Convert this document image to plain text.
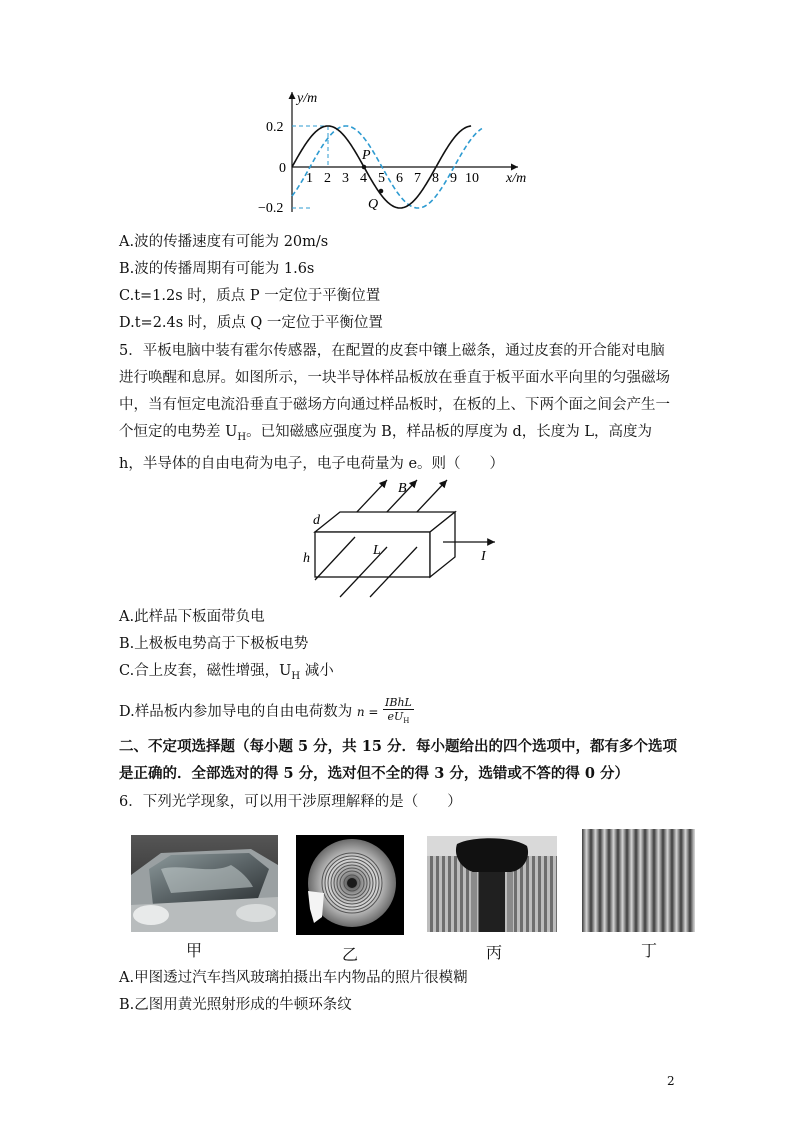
y/m
x/m
0.2
0
−0.2
1 2 3 4 5 6 7 8 9 10
P
Q
A.波的传播速度有可能为 20m/s
B.波的传播周期有可能为 1.6s
C.t=1.2s 时，质点 P 一定位于平衡位置
D.t=2.4s 时，质点 Q 一定位于平衡位置
5．平板电脑中装有霍尔传感器，在配置的皮套中镶上磁条，通过皮套的开合能对电脑进行唤醒和息屏。如图所示，一块半导体样品板放在垂直于板平面水平向里的匀强磁场中，当有恒定电流沿垂直于磁场方向通过样品板时，在板的上、下两个面之间会产生一个恒定的电势差 $U_H$。已知磁感应强度为 B，样品板的厚度为 d，长度为 L，高度为 h，半导体的自由电荷为电子，电子电荷量为 e。则（　　）
B
d
L
h	I
A.此样品下板面带负电
B.上极板电势高于下极板电势
C.合上皮套，磁性增强，$U_H$ 减小
D.样品板内参加导电的自由电荷数为 $n = \frac{\text{IBhL}}{eU_H}$
二、不定项选择题（每小题 5 分，共 15 分．每小题给出的四个选项中，都有多个选项是正确的．全部选对的得 5 分，选对但不全的得 3 分，选错或不答的得 0 分）
6．下列光学现象，可以用干涉原理解释的是（　　）
甲	乙	丙	丁
A.甲图透过汽车挡风玻璃拍摄出车内物品的照片很模糊
B.乙图用黄光照射形成的牛顿环条纹
2
